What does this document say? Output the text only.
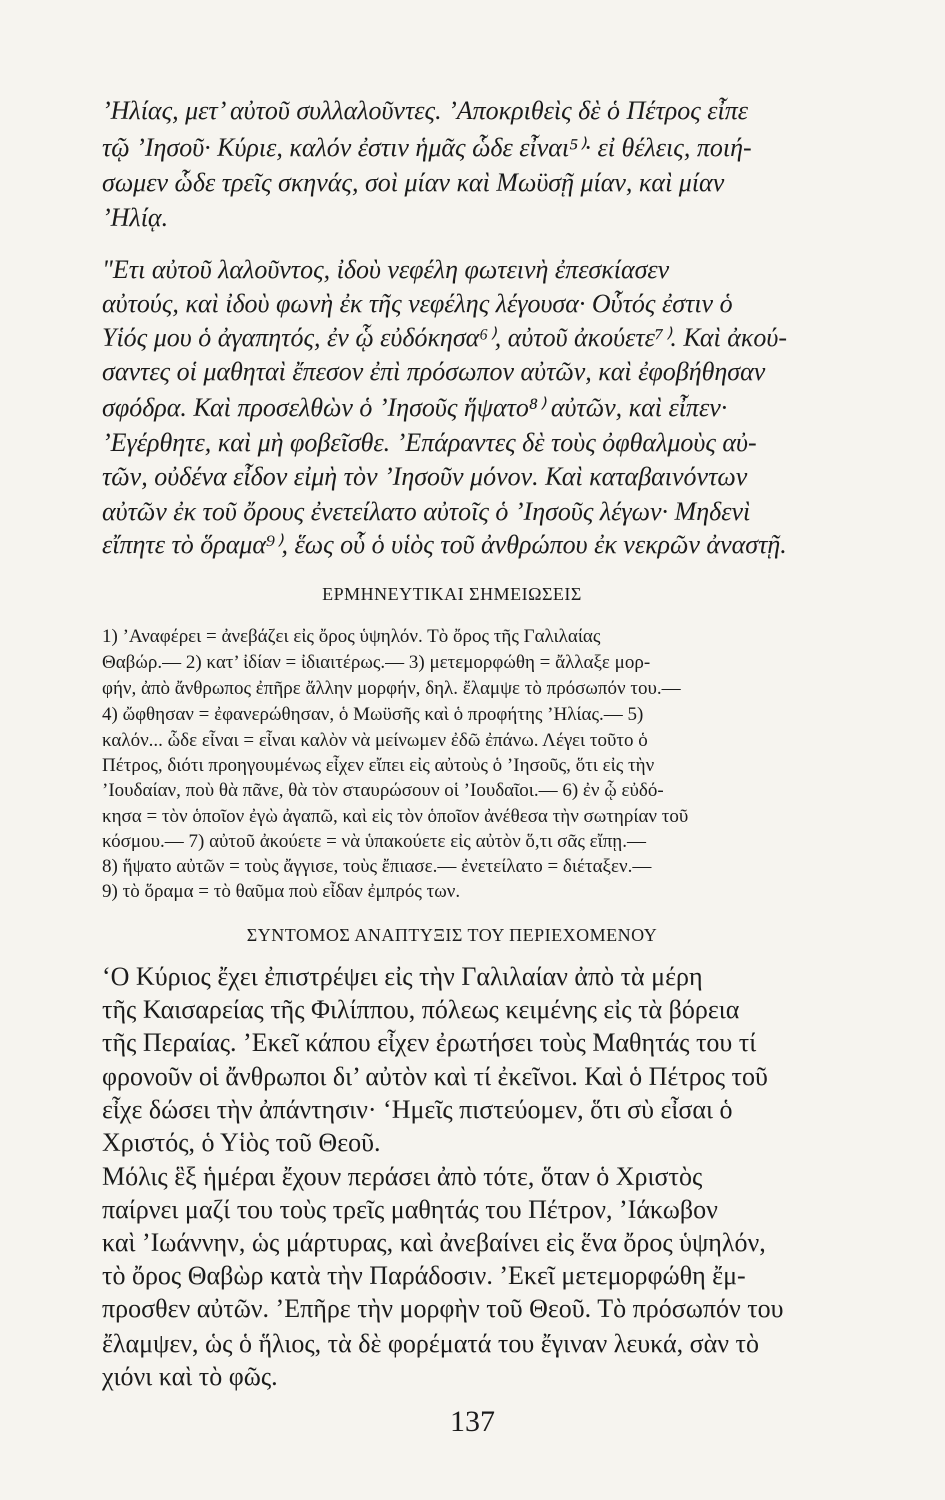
’Ηλίας, μετ’ αὐτοῦ συλλαλοῦντες. ’Αποκριθεὶς δὲ ὁ Πέτρος εἶπε
τῷ ’Ιησοῦ· Κύριε, καλόν ἐστιν ἡμᾶς ὧδε εἶναι⁵⁾· εἰ θέλεις, ποιή-
σωμεν ὧδε τρεῖς σκηνάς, σοὶ μίαν καὶ Μωϋσῇ μίαν, καὶ μίαν
’Ηλίᾳ.
"Ετι αὐτοῦ λαλοῦντος, ἰδοὺ νεφέλη φωτεινὴ ἐπεσκίασεν
αὐτούς, καὶ ἰδοὺ φωνὴ ἐκ τῆς νεφέλης λέγουσα· Οὗτός ἐστιν ὁ
Υἱός μου ὁ ἀγαπητός, ἐν ᾧ εὐδόκησα⁶⁾, αὐτοῦ ἀκούετε⁷⁾. Καὶ ἀκού-
σαντες οἱ μαθηταὶ ἔπεσον ἐπὶ πρόσωπον αὐτῶν, καὶ ἐφοβήθησαν
σφόδρα. Καὶ προσελθὼν ὁ ’Ιησοῦς ἥψατο⁸⁾ αὐτῶν, καὶ εἶπεν·
’Εγέρθητε, καὶ μὴ φοβεῖσθε. ’Επάραντες δὲ τοὺς ὀφθαλμοὺς αὐ-
τῶν, οὐδένα εἶδον εἰμὴ τὸν ’Ιησοῦν μόνον. Καὶ καταβαινόντων
αὐτῶν ἐκ τοῦ ὄρους ἐνετείλατο αὐτοῖς ὁ ’Ιησοῦς λέγων· Μηδενὶ
εἴπητε τὸ ὅραμα⁹⁾, ἕως οὗ ὁ υἱὸς τοῦ ἀνθρώπου ἐκ νεκρῶν ἀναστῇ.
ΕΡΜΗΝΕΥΤΙΚΑΙ ΣΗΜΕΙΩΣΕΙΣ
1) ’Αναφέρει = ἀνεβάζει εἰς ὄρος ὑψηλόν. Τὸ ὄρος τῆς Γαλιλαίας
Θαβώρ.— 2) κατ’ ἰδίαν = ἰδιαιτέρως.— 3) μετεμορφώθη = ἄλλαξε μορ-
φήν, ἀπὸ ἄνθρωπος ἐπῆρε ἄλλην μορφήν, δηλ. ἔλαμψε τὸ πρόσωπόν του.—
4) ὤφθησαν = ἐφανερώθησαν, ὁ Μωϋσῆς καὶ ὁ προφήτης ’Ηλίας.— 5)
καλόν... ὧδε εἶναι = εἶναι καλὸν νὰ μείνωμεν ἐδῶ ἐπάνω. Λέγει τοῦτο ὁ
Πέτρος, διότι προηγουμένως εἶχεν εἴπει εἰς αὐτοὺς ὁ ’Ιησοῦς, ὅτι εἰς τὴν
’Ιουδαίαν, ποὺ θὰ πᾶνε, θὰ τὸν σταυρώσουν οἱ ’Ιουδαῖοι.— 6) ἐν ᾧ εὐδό-
κησα = τὸν ὁποῖον ἐγὼ ἀγαπῶ, καὶ εἰς τὸν ὁποῖον ἀνέθεσα τὴν σωτηρίαν τοῦ
κόσμου.— 7) αὐτοῦ ἀκούετε = νὰ ὑπακούετε εἰς αὐτὸν ὅ,τι σᾶς εἴπῃ.—
8) ἥψατο αὐτῶν = τοὺς ἄγγισε, τοὺς ἔπιασε.— ἐνετείλατο = διέταξεν.—
9) τὸ ὅραμα = τὸ θαῦμα ποὺ εἶδαν ἐμπρός των.
ΣΥΝΤΟΜΟΣ ΑΝΑΠΤΥΞΙΣ ΤΟΥ ΠΕΡΙΕΧΟΜΕΝΟΥ
‘Ο Κύριος ἔχει ἐπιστρέψει εἰς τὴν Γαλιλαίαν ἀπὸ τὰ μέρη
τῆς Καισαρείας τῆς Φιλίππου, πόλεως κειμένης εἰς τὰ βόρεια
τῆς Περαίας. ’Εκεῖ κάπου εἶχεν ἐρωτήσει τοὺς Μαθητάς του τί
φρονοῦν οἱ ἄνθρωποι δι’ αὐτὸν καὶ τί ἐκεῖνοι. Καὶ ὁ Πέτρος τοῦ
εἶχε δώσει τὴν ἀπάντησιν· ‘Ημεῖς πιστεύομεν, ὅτι σὺ εἶσαι ὁ
Χριστός, ὁ Υἱὸς τοῦ Θεοῦ.
Μόλις ἓξ ἡμέραι ἔχουν περάσει ἀπὸ τότε, ὅταν ὁ Χριστὸς
παίρνει μαζί του τοὺς τρεῖς μαθητάς του Πέτρον, ’Ιάκωβον
καὶ ’Ιωάννην, ὡς μάρτυρας, καὶ ἀνεβαίνει εἰς ἕνα ὄρος ὑψηλόν,
τὸ ὄρος Θαβὼρ κατὰ τὴν Παράδοσιν. ’Εκεῖ μετεμορφώθη ἔμ-
προσθεν αὐτῶν. ’Επῆρε τὴν μορφὴν τοῦ Θεοῦ. Τὸ πρόσωπόν του
ἔλαμψεν, ὡς ὁ ἥλιος, τὰ δὲ φορέματά του ἔγιναν λευκά, σὰν τὸ
χιόνι καὶ τὸ φῶς.
137
